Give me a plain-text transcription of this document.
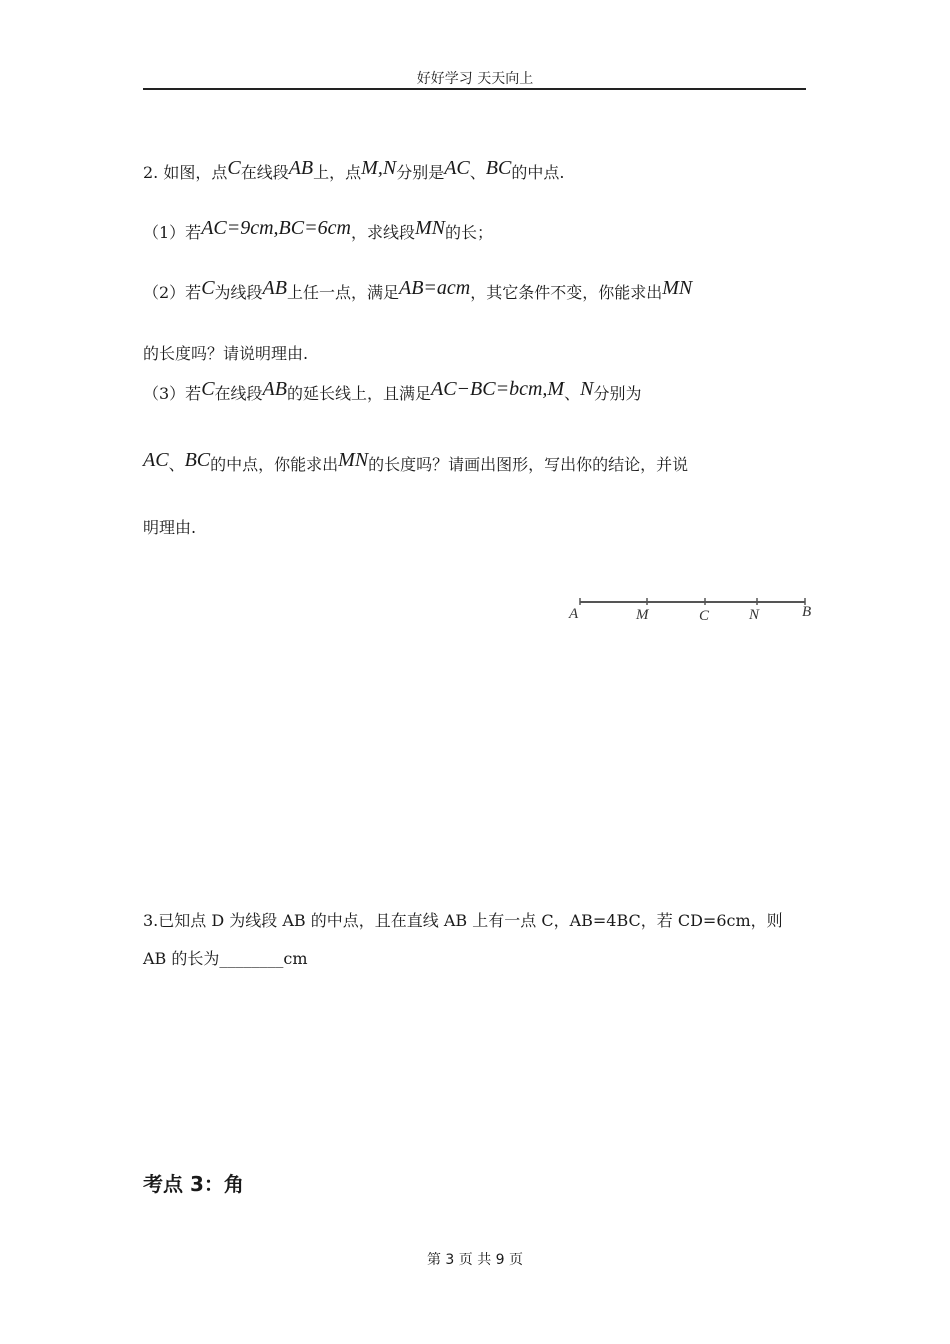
好好学习 天天向上
2. 如图，点C在线段AB上，点M,N分别是AC、BC的中点.
（1）若AC=9cm,BC=6cm，求线段MN的长；
（2）若C为线段AB上任一点，满足AB=acm，其它条件不变，你能求出MN
的长度吗？请说明理由.
（3）若C在线段AB的延长线上，且满足AC−BC=bcm,M、N分别为
AC、BC的中点，你能求出MN的长度吗？请画出图形，写出你的结论，并说
明理由.
A	M	C	N	B
3.已知点 D 为线段 AB 的中点，且在直线 AB 上有一点 C，AB=4BC，若 CD=6cm，则
AB 的长为________cm
考点 3：角
第 3 页 共 9 页
